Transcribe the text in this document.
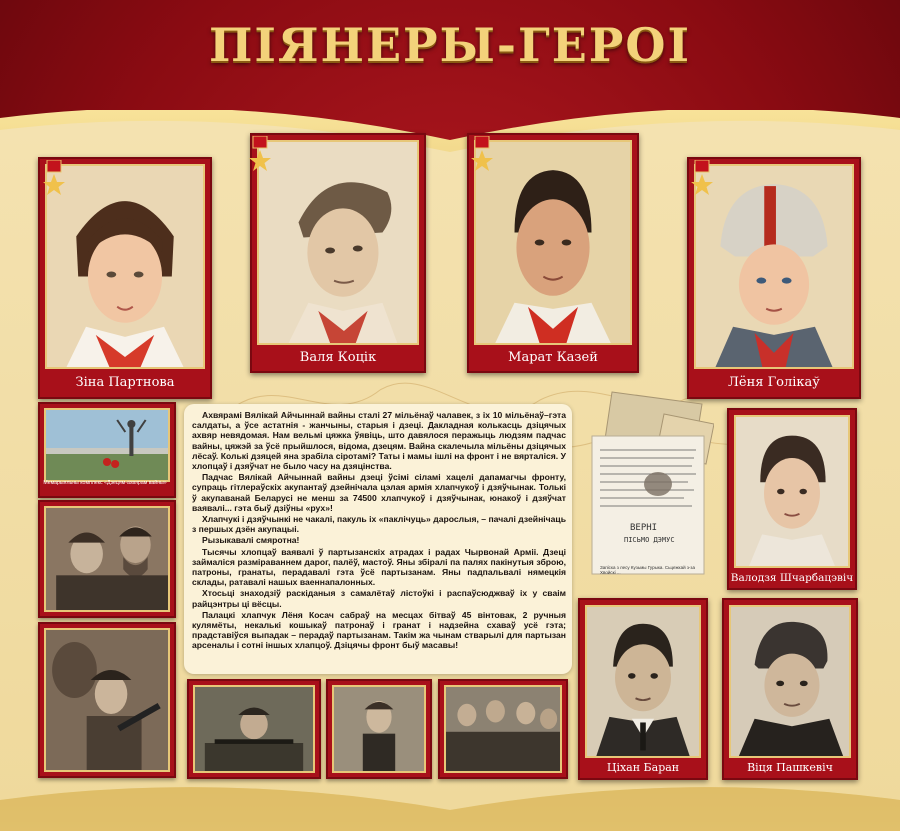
ПІЯНЕРЫ-ГЕРОІ
Зіна Партнова
Валя Коцік	Марат Казей
Лёня Голікаў
Мемарыяльны комплекс «Дзецям-ахвярам вайны»

Ахвярамі Вялікай Айчыннай вайны сталі 27 мільёнаў чалавек, з іх 10 мільёнаў–гэта салдаты, а ўсе астатнія - жанчыны, старыя і дзеці. Дакладная колькасць дзіцячых ахвяр невядомая. Нам вельмі цяжка ўявіць, што давялося перажыць людзям падчас вайны, цяжэй за ўсё прыйшлося, відома, дзецям. Вайна скалечыла мільёны дзіцячых лёсаў. Колькі дзяцей яна зрабіла сіротамі? Таты і мамы ішлі на фронт і не вярталіся. У хлопцаў і дзяўчат не было часу на дзяцінства.

Падчас Вялікай Айчыннай вайны дзеці ўсімі сіламі хацелі дапамагчы фронту, супраць гітлераўскіх акупантаў дзейнічала цэлая армія хлапчукоў і дзяўчынак. Толькі ў акупаванай Беларусі не менш за 74500 хлапчукоў і дзяўчынак, юнакоў і дзяўчат ваявалі... гэта быў дзіўны «рух»!

Хлапчукі і дзяўчынкі не чакалі, пакуль іх «паклічуць» дарослыя, – пачалі дзейнічаць з першых дзён акупацыі.

Рызыкавалі смяротна!

Тысячы хлопцаў ваявалі ў партызанскіх атрадах і радах Чырвонай Арміі. Дзеці займаліся разміраваннем дарог, палёў, мастоў. Яны збіралі па палях пакінутыя зброю, патроны, гранаты, перадавалі гэта ўсё партызанам. Яны падпальвалі нямецкія склады, ратавалі нашых ваеннапалонных.

Хтосьці знаходзіў раскіданыя з самалётаў лістоўкі і распаўсюджваў іх у сваім райцэнтры ці вёсцы.

Палацкі хлапчук Лёня Косач сабраў на месцах бітваў 45 вінтовак, 2 ручныя кулямёты, некалькі кошыкаў патронаў і гранат і надзейна схаваў усё гэта; прадставіўся выпадак – перадаў партызанам. Такім жа чынам стварылі для партызан арсеналы і сотні іншых хлапцоў. Дзіцячы фронт быў масавы!

ВЕРНІ
ПІСЬМО ДЭМУС
Запіска з лесу Кузьмы Гурыка. Сьцежкай з-за Хвойскі ...	Валодзя Шчарбацэвіч
Ціхан Баран	Віця Пашкевіч
